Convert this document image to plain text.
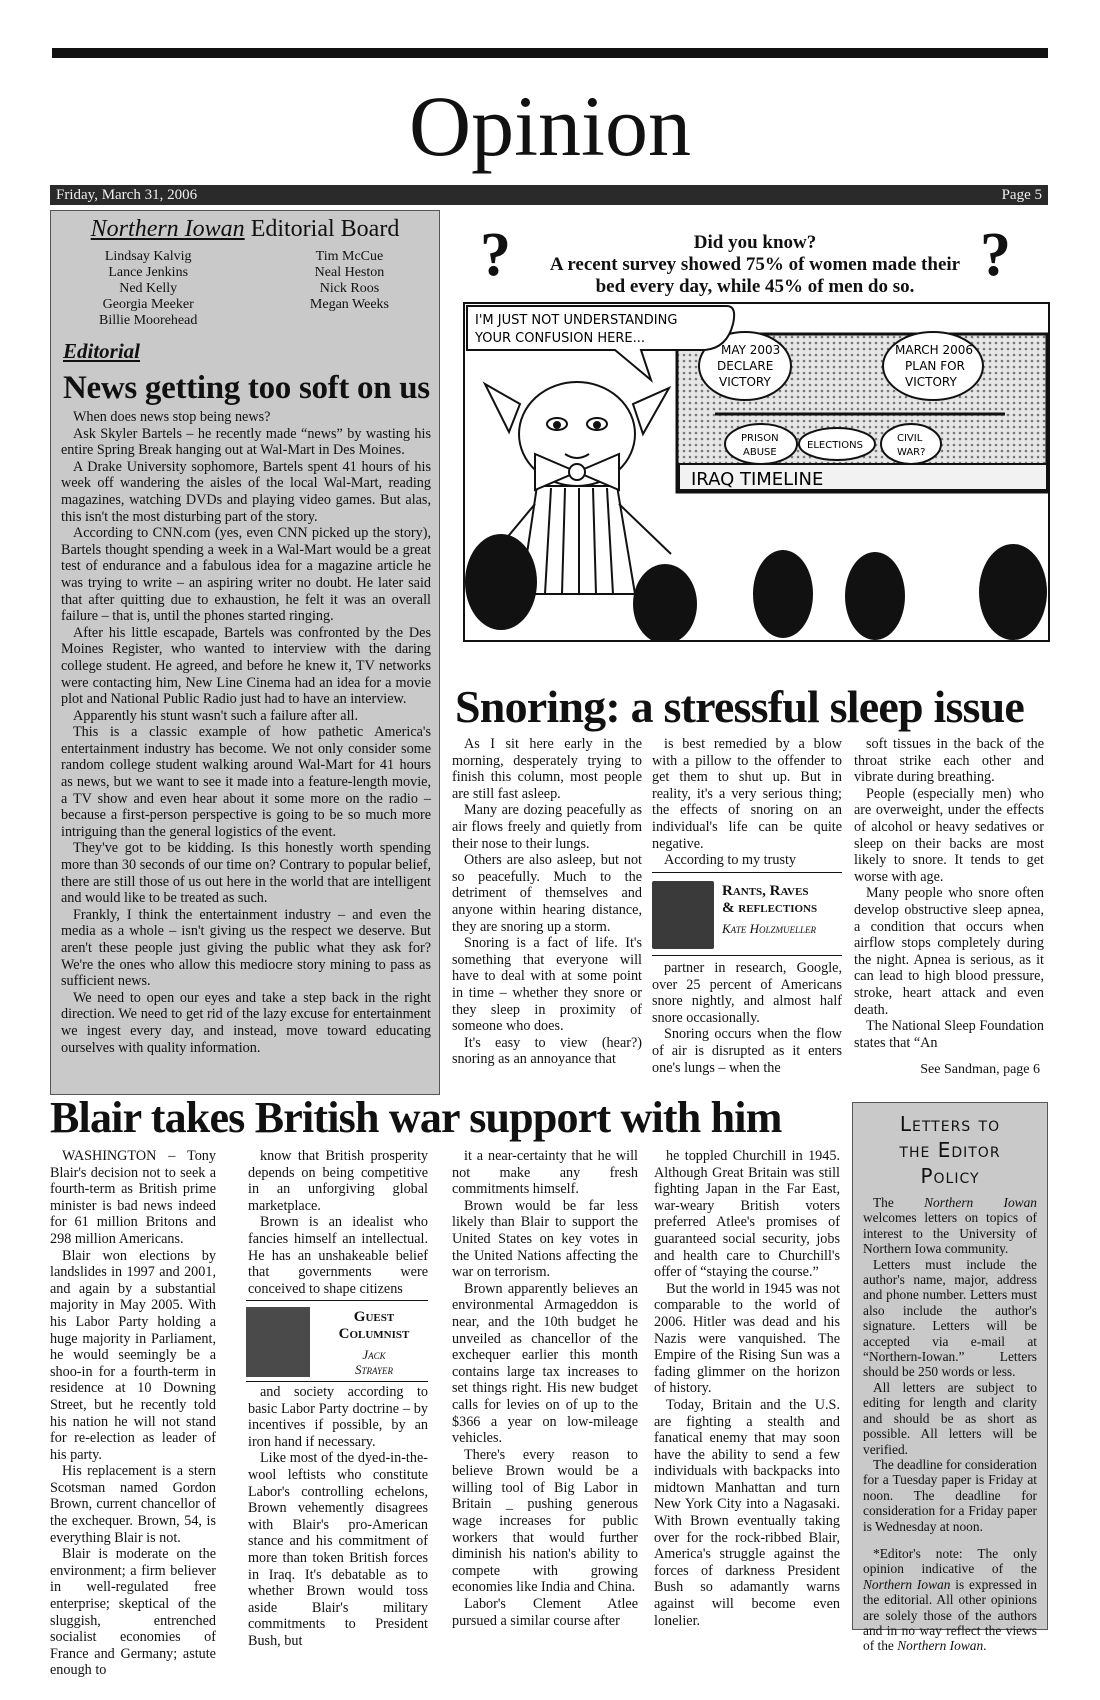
Opinion
Friday, March 31, 2006	Page 5
Northern Iowan Editorial Board
Lindsay Kalvig
Lance Jenkins
Ned Kelly
Georgia Meeker
Billie Moorehead
Tim McCue
Neal Heston
Nick Roos
Megan Weeks
Editorial
News getting too soft on us

When does news stop being news?

Ask Skyler Bartels – he recently made “news” by wasting his entire Spring Break hanging out at Wal-Mart in Des Moines.

A Drake University sophomore, Bartels spent 41 hours of his week off wandering the aisles of the local Wal-Mart, reading magazines, watching DVDs and playing video games. But alas, this isn't the most disturbing part of the story.

According to CNN.com (yes, even CNN picked up the story), Bartels thought spending a week in a Wal-Mart would be a great test of endurance and a fabulous idea for a magazine article he was trying to write – an aspiring writer no doubt. He later said that after quitting due to exhaustion, he felt it was an overall failure – that is, until the phones started ringing.

After his little escapade, Bartels was confronted by the Des Moines Register, who wanted to interview with the daring college student. He agreed, and before he knew it, TV networks were contacting him, New Line Cinema had an idea for a movie plot and National Public Radio just had to have an interview.

Apparently his stunt wasn't such a failure after all.

This is a classic example of how pathetic America's entertainment industry has become. We not only consider some random college student walking around Wal-Mart for 41 hours as news, but we want to see it made into a feature-length movie, a TV show and even hear about it some more on the radio – because a first-person perspective is going to be so much more intriguing than the general logistics of the event.

They've got to be kidding. Is this honestly worth spending more than 30 seconds of our time on? Contrary to popular belief, there are still those of us out here in the world that are intelligent and would like to be treated as such.

Frankly, I think the entertainment industry – and even the media as a whole – isn't giving us the respect we deserve. But aren't these people just giving the public what they ask for? We're the ones who allow this mediocre story mining to pass as sufficient news.

We need to open our eyes and take a step back in the right direction. We need to get rid of the lazy excuse for entertainment we ingest every day, and instead, move toward educating ourselves with quality information.

?	Did you know?
A recent survey showed 75% of women made their bed every day, while 45% of men do so.	?
MAY 2003
DECLARE
VICTORY
MARCH 2006
PLAN FOR
VICTORY
PRISON
ABUSE
ELECTIONS
CIVIL
WAR?
IRAQ TIMELINE
I'M JUST NOT UNDERSTANDING
YOUR CONFUSION HERE...
Snoring: a stressful sleep issue

As I sit here early in the morning, desperately trying to finish this column, most people are still fast asleep.

Many are dozing peacefully as air flows freely and quietly from their nose to their lungs.

Others are also asleep, but not so peacefully. Much to the detriment of themselves and anyone within hearing distance, they are snoring up a storm.

Snoring is a fact of life. It's something that everyone will have to deal with at some point in time – whether they snore or they sleep in proximity of someone who does.

It's easy to view (hear?) snoring as an annoyance that

is best remedied by a blow with a pillow to the offender to get them to shut up. But in reality, it's a very serious thing; the effects of snoring on an individual's life can be quite negative.

According to my trusty

Rants, Raves
& reflections
Kate Holzmueller

partner in research, Google, over 25 percent of Americans snore nightly, and almost half snore occasionally.

Snoring occurs when the flow of air is disrupted as it enters one's lungs – when the

soft tissues in the back of the throat strike each other and vibrate during breathing.

People (especially men) who are overweight, under the effects of alcohol or heavy sedatives or sleep on their backs are most likely to snore. It tends to get worse with age.

Many people who snore often develop obstructive sleep apnea, a condition that occurs when airflow stops completely during the night. Apnea is serious, as it can lead to high blood pressure, stroke, heart attack and even death.

The National Sleep Foundation states that “An

See Sandman, page 6
Blair takes British war support with him

WASHINGTON – Tony Blair's decision not to seek a fourth-term as British prime minister is bad news indeed for 61 million Britons and 298 million Americans.

Blair won elections by landslides in 1997 and 2001, and again by a substantial majority in May 2005. With his Labor Party holding a huge majority in Parliament, he would seemingly be a shoo-in for a fourth-term in residence at 10 Downing Street, but he recently told his nation he will not stand for re-election as leader of his party.

His replacement is a stern Scotsman named Gordon Brown, current chancellor of the exchequer. Brown, 54, is everything Blair is not.

Blair is moderate on the environment; a firm believer in well-regulated free enterprise; skeptical of the sluggish, entrenched socialist economies of France and Germany; astute enough to

know that British prosperity depends on being competitive in an unforgiving global marketplace.

Brown is an idealist who fancies himself an intellectual. He has an unshakeable belief that governments were conceived to shape citizens

Guest
Columnist
Jack
Strayer

and society according to basic Labor Party doctrine – by incentives if possible, by an iron hand if necessary.

Like most of the dyed-in-the-wool leftists who constitute Labor's controlling echelons, Brown vehemently disagrees with Blair's pro-American stance and his commitment of more than token British forces in Iraq. It's debatable as to whether Brown would toss aside Blair's military commitments to President Bush, but

it a near-certainty that he will not make any fresh commitments himself.

Brown would be far less likely than Blair to support the United States on key votes in the United Nations affecting the war on terrorism.

Brown apparently believes an environmental Armageddon is near, and the 10th budget he unveiled as chancellor of the exchequer earlier this month contains large tax increases to set things right. His new budget calls for levies on of up to the $366 a year on low-mileage vehicles.

There's every reason to believe Brown would be a willing tool of Big Labor in Britain _ pushing generous wage increases for public workers that would further diminish his nation's ability to compete with growing economies like India and China.

Labor's Clement Atlee pursued a similar course after

he toppled Churchill in 1945. Although Great Britain was still fighting Japan in the Far East, war-weary British voters preferred Atlee's promises of guaranteed social security, jobs and health care to Churchill's offer of “staying the course.”

But the world in 1945 was not comparable to the world of 2006. Hitler was dead and his Nazis were vanquished. The Empire of the Rising Sun was a fading glimmer on the horizon of history.

Today, Britain and the U.S. are fighting a stealth and fanatical enemy that may soon have the ability to send a few individuals with backpacks into midtown Manhattan and turn New York City into a Nagasaki. With Brown eventually taking over for the rock-ribbed Blair, America's struggle against the forces of darkness President Bush so adamantly warns against will become even lonelier.

Letters to
the Editor
Policy

The Northern Iowan welcomes letters on topics of interest to the University of Northern Iowa community.

Letters must include the author's name, major, address and phone number. Letters must also include the author's signature. Letters will be accepted via e-mail at “Northern-Iowan.” Letters should be 250 words or less.

All letters are subject to editing for length and clarity and should be as short as possible. All letters will be verified.

The deadline for consideration for a Tuesday paper is Friday at noon. The deadline for consideration for a Friday paper is Wednesday at noon.

*Editor's note: The only opinion indicative of the Northern Iowan is expressed in the editorial. All other opinions are solely those of the authors and in no way reflect the views of the Northern Iowan.
